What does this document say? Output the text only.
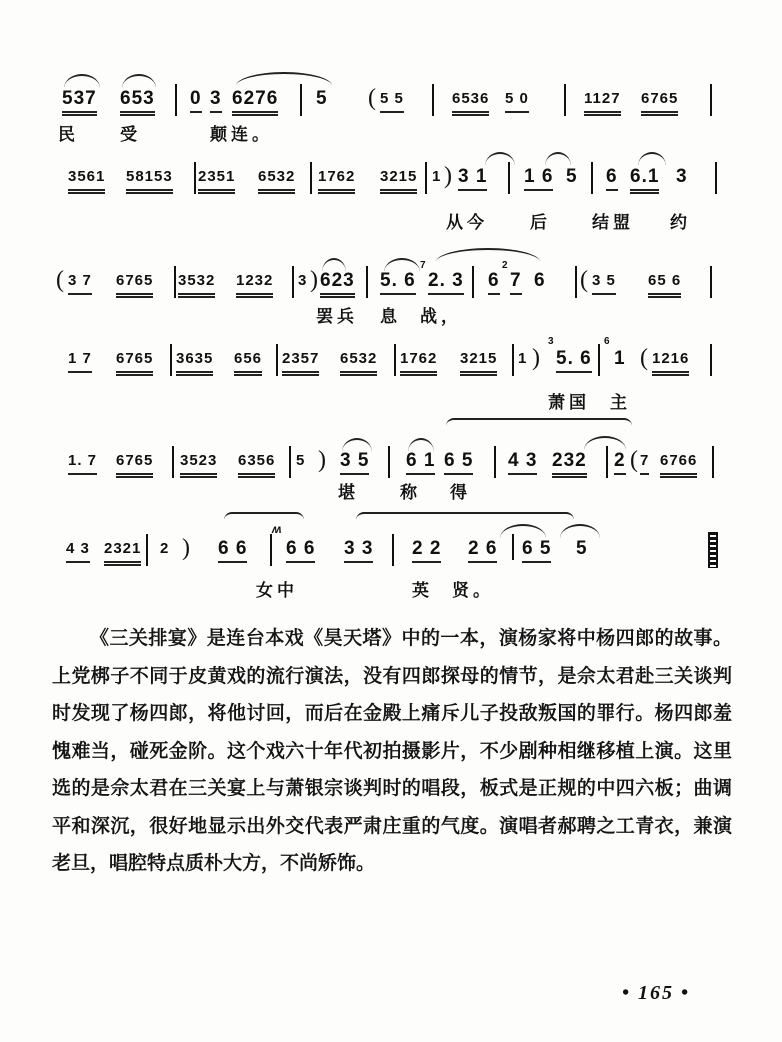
537 653 0 3 6276 5 ( 5 5	6536 5 0	1127 6765
民 受	颠连。
3561 58153 2351 6532 1762 3215 1 ) 3 1 1 6 5 6 6.1 3
从今 后 结盟 约
( 3 7 6765 3532 1232 3 ) 623 5. 6
7
2. 3 6
2
7 6 ( 3 5 65 6
罢兵 息 战，
1 7 6765 3635 656 2357 6532 1762 3215 1 )
3
5. 6
6
1 ( 1216
萧国 主
1. 7 6765 3523 6356 5 ) 3 5 6 1 6 5 4 3 232 2 ( 7 6766
堪 称 得
4 3 2321 2 ) 6 6
ʍ
6 6 3 3 2 2 2 6 6 5 5
女中	英 贤。

《三关排宴》是连台本戏《昊天塔》中的一本，演杨家将中杨四郎的故事。上党梆子不同于皮黄戏的流行演法，没有四郎探母的情节，是佘太君赴三关谈判时发现了杨四郎，将他讨回，而后在金殿上痛斥儿子投敌叛国的罪行。杨四郎羞愧难当，碰死金阶。这个戏六十年代初拍摄影片，不少剧种相继移植上演。这里选的是佘太君在三关宴上与萧银宗谈判时的唱段，板式是正规的中四六板；曲调平和深沉，很好地显示出外交代表严肃庄重的气度。演唱者郝聘之工青衣，兼演老旦，唱腔特点质朴大方，不尚矫饰。

• 165 •
